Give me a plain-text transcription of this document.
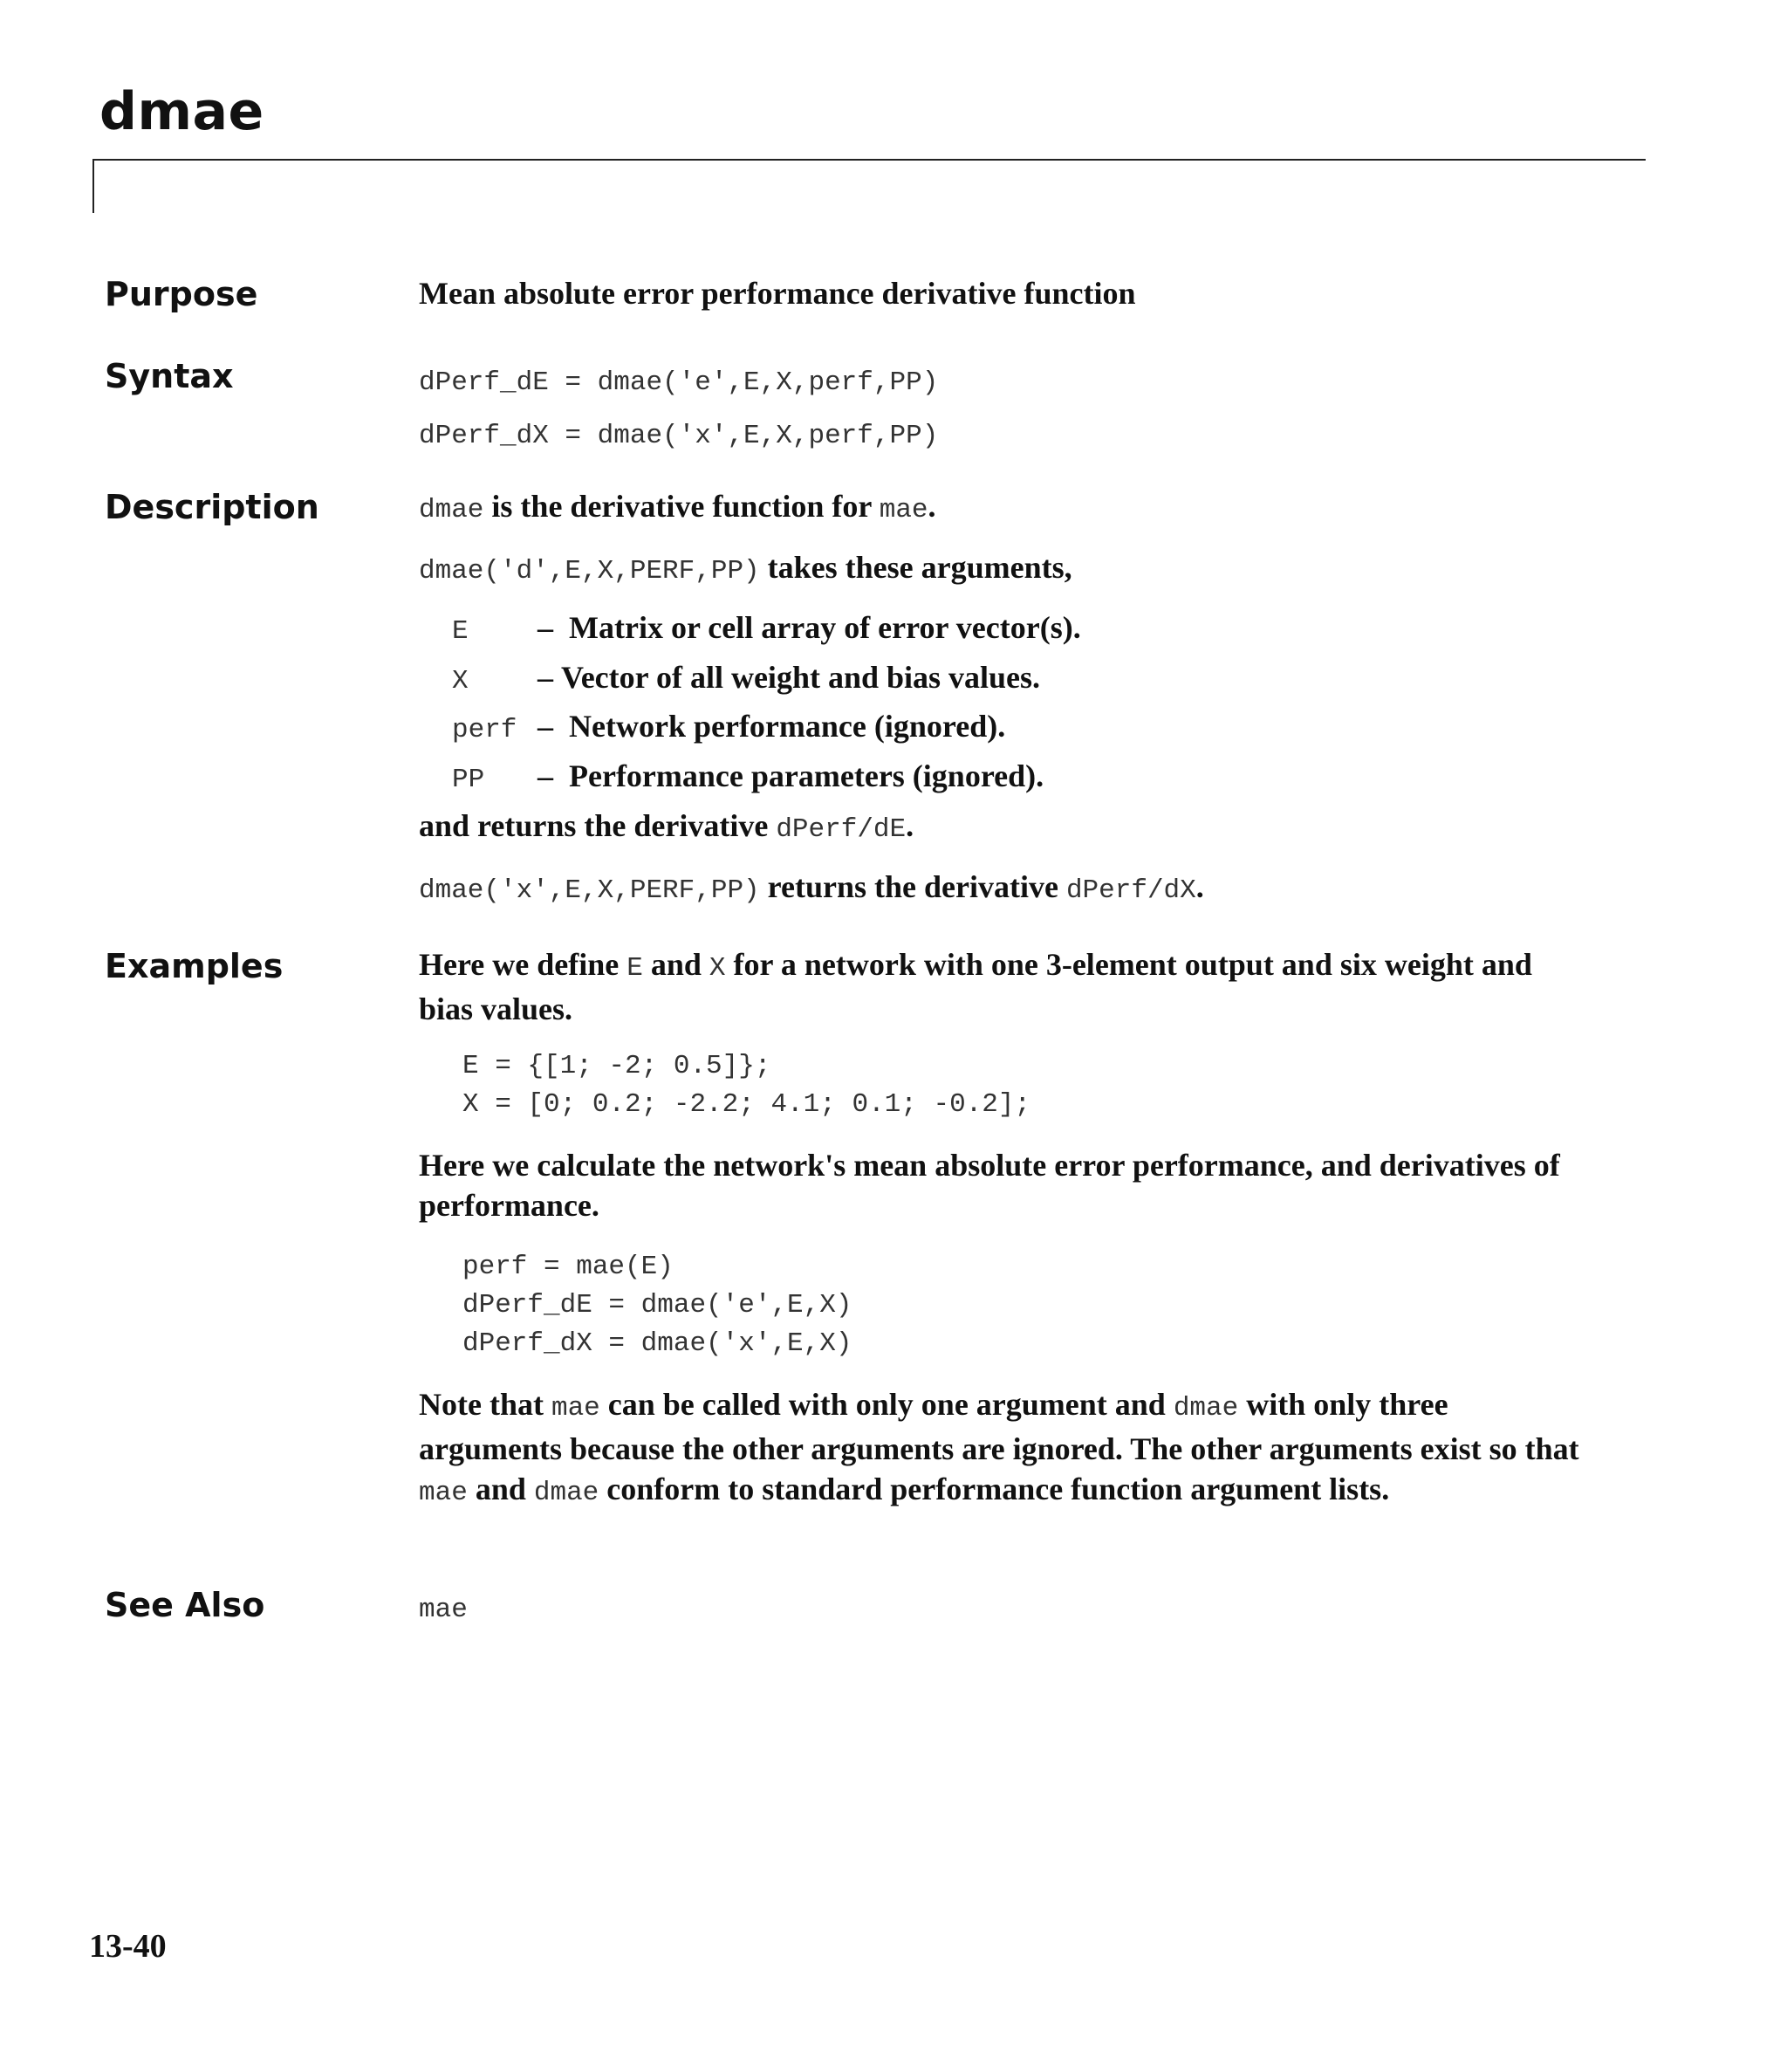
dmae
Purpose	Mean absolute error performance derivative function
Syntax	dPerf_dE = dmae('e',E,X,perf,PP)
dPerf_dX = dmae('x',E,X,perf,PP)
Description	dmae is the derivative function for mae.
dmae('d',E,X,PERF,PP) takes these arguments,
E – Matrix or cell array of error vector(s).
X – Vector of all weight and bias values.
perf – Network performance (ignored).
PP – Performance parameters (ignored).
and returns the derivative dPerf/dE.
dmae('x',E,X,PERF,PP) returns the derivative dPerf/dX.
Examples	Here we define E and X for a network with one 3-element output and six weight and bias values.

E = {[1; -2; 0.5]};
X = [0; 0.2; -2.2; 4.1; 0.1; -0.2];

Here we calculate the network's mean absolute error performance, and derivatives of performance.

perf = mae(E)
dPerf_dE = dmae('e',E,X)
dPerf_dX = dmae('x',E,X)

Note that mae can be called with only one argument and dmae with only three arguments because the other arguments are ignored. The other arguments exist so that mae and dmae conform to standard performance function argument lists.

See Also	mae
13-40
